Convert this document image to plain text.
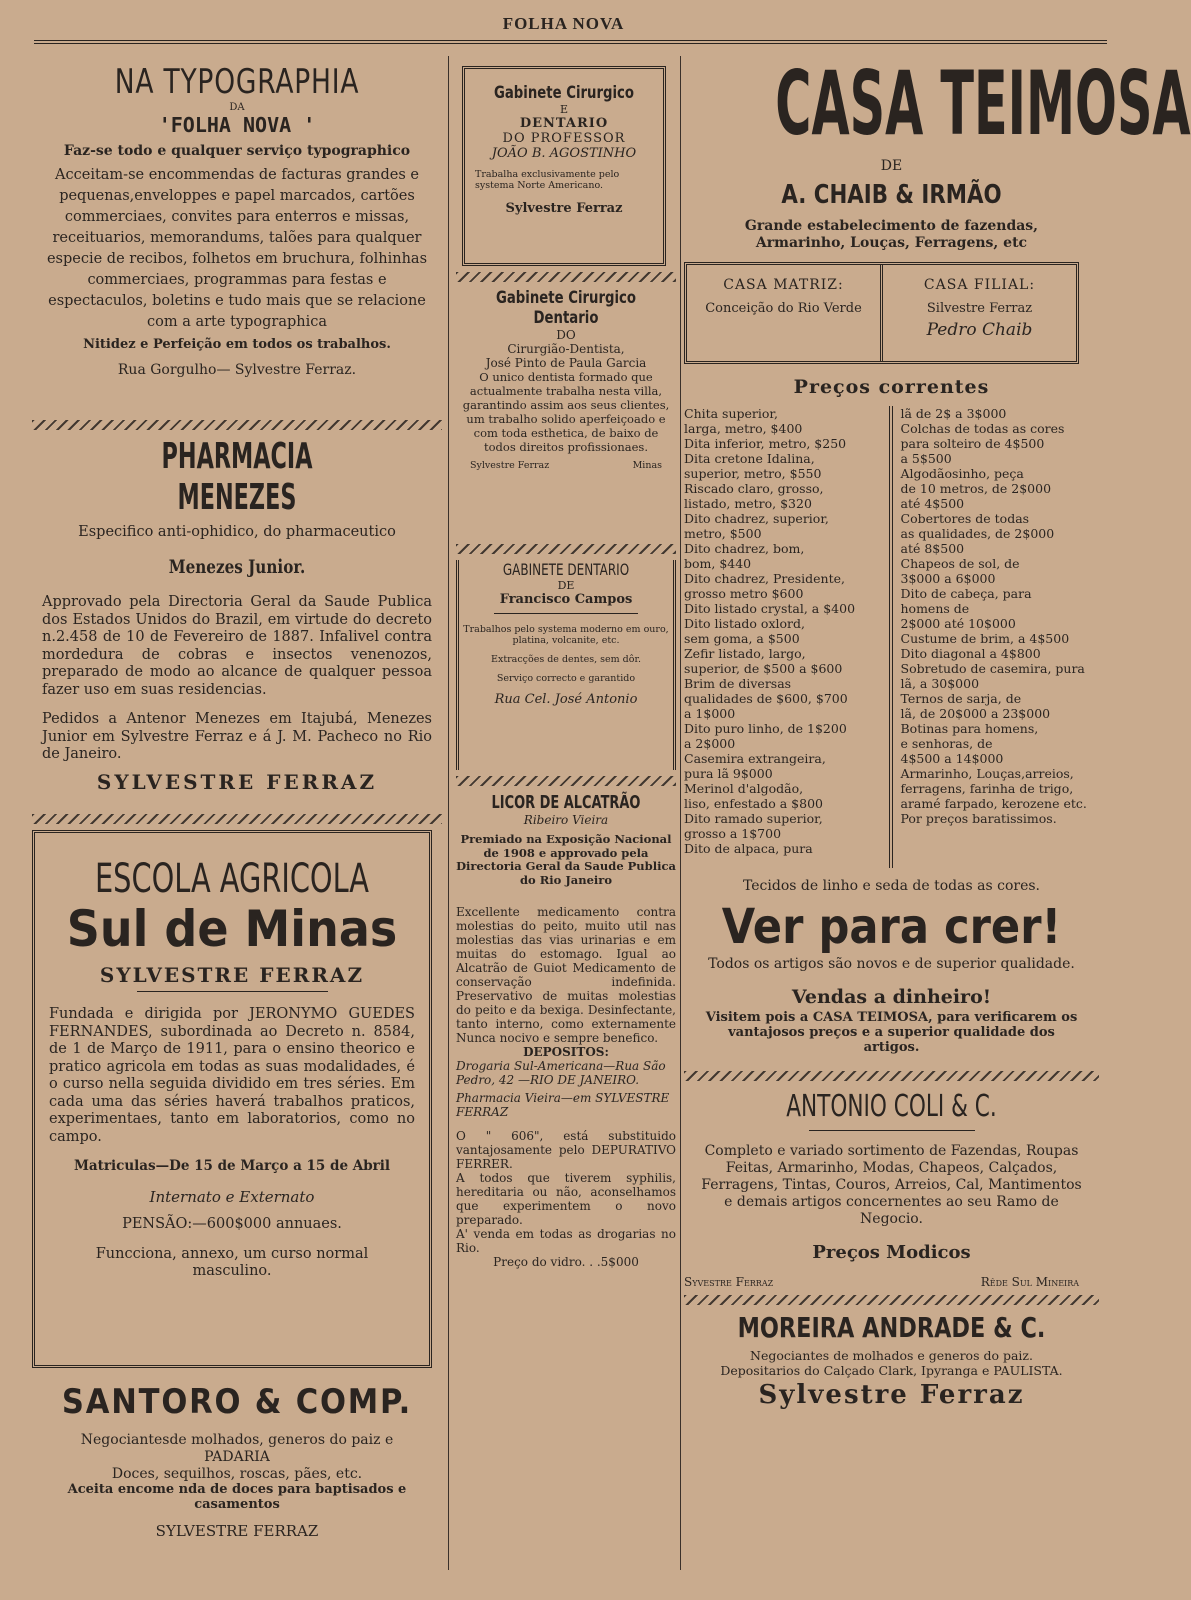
FOLHA NOVA

NA TYPOGRAPHIA

DA

'FOLHA NOVA '

Faz-se todo e qualquer serviço typographico

Acceitam-se encommendas de facturas grandes e pequenas,enveloppes e papel marcados, cartões commerciaes, convites para enterros e missas, receituarios, memorandums, talões para qualquer especie de recibos, folhetos em bruchura, folhinhas commerciaes, programmas para festas e espectaculos, boletins e tudo mais que se relacione com a arte typographica

Nitidez e Perfeição em todos os trabalhos.

Rua Gorgulho— Sylvestre Ferraz.

PHARMACIA MENEZES

Especifico anti-ophidico, do pharmaceutico

Menezes Junior.

Approvado pela Directoria Geral da Saude Publica dos Estados Unidos do Brazil, em virtude do decreto n.2.458 de 10 de Fevereiro de 1887. Infalivel contra mordedura de cobras e insectos venenozos, preparado de modo ao alcance de qualquer pessoa fazer uso em suas residencias.

Pedidos a Antenor Menezes em Itajubá, Menezes Junior em Sylvestre Ferraz e á J. M. Pacheco no Rio de Janeiro.

SYLVESTRE FERRAZ

ESCOLA AGRICOLA

Sul de Minas

SYLVESTRE FERRAZ

Fundada e dirigida por JERONYMO GUEDES FERNANDES, subordinada ao Decreto n. 8584, de 1 de Março de 1911, para o ensino theorico e pratico agricola em todas as suas modalidades, é o curso nella seguida dividido em tres séries. Em cada uma das séries haverá trabalhos praticos, experimentaes, tanto em laboratorios, como no campo.

Matriculas—De 15 de Março a 15 de Abril

Internato e Externato

PENSÃO:—600$000 annuaes.

Funcciona, annexo, um curso normal masculino.

SANTORO & COMP.

Negociantesde molhados, generos do paiz e PADARIA

Doces, sequilhos, roscas, pães, etc.

Aceita encome nda de doces para baptisados e casamentos

SYLVESTRE FERRAZ

Gabinete Cirurgico

E

DENTARIO

DO PROFESSOR

JOÃO B. AGOSTINHO

Trabalha exclusivamente pelo systema Norte Americano.

Sylvestre Ferraz

Gabinete Cirurgico

Dentario

DO

Cirurgião-Dentista,

José Pinto de Paula Garcia

O unico dentista formado que actualmente trabalha nesta villa, garantindo assim aos seus clientes, um trabalho solido aperfeiçoado e com toda esthetica, de baixo de todos direitos profissionaes.

Sylvestre Ferraz	Minas

GABINETE DENTARIO

DE

Francisco Campos

Trabalhos pelo systema moderno em ouro, platina, volcanite, etc.

Extracções de dentes, sem dôr.

Serviço correcto e garantido

Rua Cel. José Antonio

LICOR DE ALCATRÃO

Ribeiro Vieira

Premiado na Exposição Nacional de 1908 e approvado pela Directoria Geral da Saude Publica do Rio Janeiro

Excellente medicamento contra molestias do peito, muito util nas molestias das vias urinarias e em muitas do estomago. Igual ao Alcatrão de Guiot Medicamento de conservação indefinida. Preservativo de muitas molestias do peito e da bexiga. Desinfectante, tanto interno, como externamente Nunca nocivo e sempre benefico.

DEPOSITOS:

Drogaria Sul-Americana—Rua São Pedro, 42 —RIO DE JANEIRO.

Pharmacia Vieira—em SYLVESTRE FERRAZ

O " 606", está substituido vantajosamente pelo DEPURATIVO FERRER.

A todos que tiverem syphilis, hereditaria ou não, aconselhamos que experimentem o novo preparado.

A' venda em todas as drogarias no Rio.

Preço do vidro. . .5$000

CASA TEIMOSA

DE

A. CHAIB & IRMÃO

Grande estabelecimento de fazendas, Armarinho, Louças, Ferragens, etc

CASA MATRIZ:

Conceição do Rio Verde

CASA FILIAL:

Silvestre Ferraz

Pedro Chaib

Preços correntes

Chita superior,

larga, metro, $400

Dita inferior, metro, $250

Dita cretone Idalina,

superior, metro, $550

Riscado claro, grosso,

listado, metro, $320

Dito chadrez, superior,

metro, $500

Dito chadrez, bom,

bom, $440

Dito chadrez, Presidente, grosso metro $600

Dito listado crystal, a $400

Dito listado oxlord,

sem goma, a $500

Zefir listado, largo,

superior, de $500 a $600

Brim de diversas

qualidades de $600, $700

a 1$000

Dito puro linho, de 1$200

a 2$000

Casemira extrangeira,

pura lã 9$000

Merinol d'algodão,

liso, enfestado a $800

Dito ramado superior,

grosso a 1$700

Dito de alpaca, pura

lã de 2$ a 3$000

Colchas de todas as cores

para solteiro de 4$500

a 5$500

Algodãosinho, peça

de 10 metros, de 2$000

até 4$500

Cobertores de todas

as qualidades, de 2$000

até 8$500

Chapeos de sol, de

3$000 a 6$000

Dito de cabeça, para

homens de

2$000 até 10$000

Custume de brim, a 4$500

Dito diagonal a 4$800

Sobretudo de casemira, pura lã, a 30$000

Ternos de sarja, de

lã, de 20$000 a 23$000

Botinas para homens,

e senhoras, de

4$500 a 14$000

Armarinho, Louças,arreios, ferragens, farinha de trigo, aramé farpado, kerozene etc.

Por preços baratissimos.

Tecidos de linho e seda de todas as cores.

Ver para crer!

Todos os artigos são novos e de superior qualidade.

Vendas a dinheiro!

Visitem pois a CASA TEIMOSA, para verificarem os vantajosos preços e a superior qualidade dos artigos.

ANTONIO COLI & C.

Completo e variado sortimento de Fazendas, Roupas Feitas, Armarinho, Modas, Chapeos, Calçados, Ferragens, Tintas, Couros, Arreios, Cal, Mantimentos e demais artigos concernentes ao seu Ramo de Negocio.

Preços Modicos

Syvestre Ferraz	Rêde Sul Mineira

MOREIRA ANDRADE & C.

Negociantes de molhados e generos do paiz. Depositarios do Calçado Clark, Ipyranga e PAULISTA.

Sylvestre Ferraz
